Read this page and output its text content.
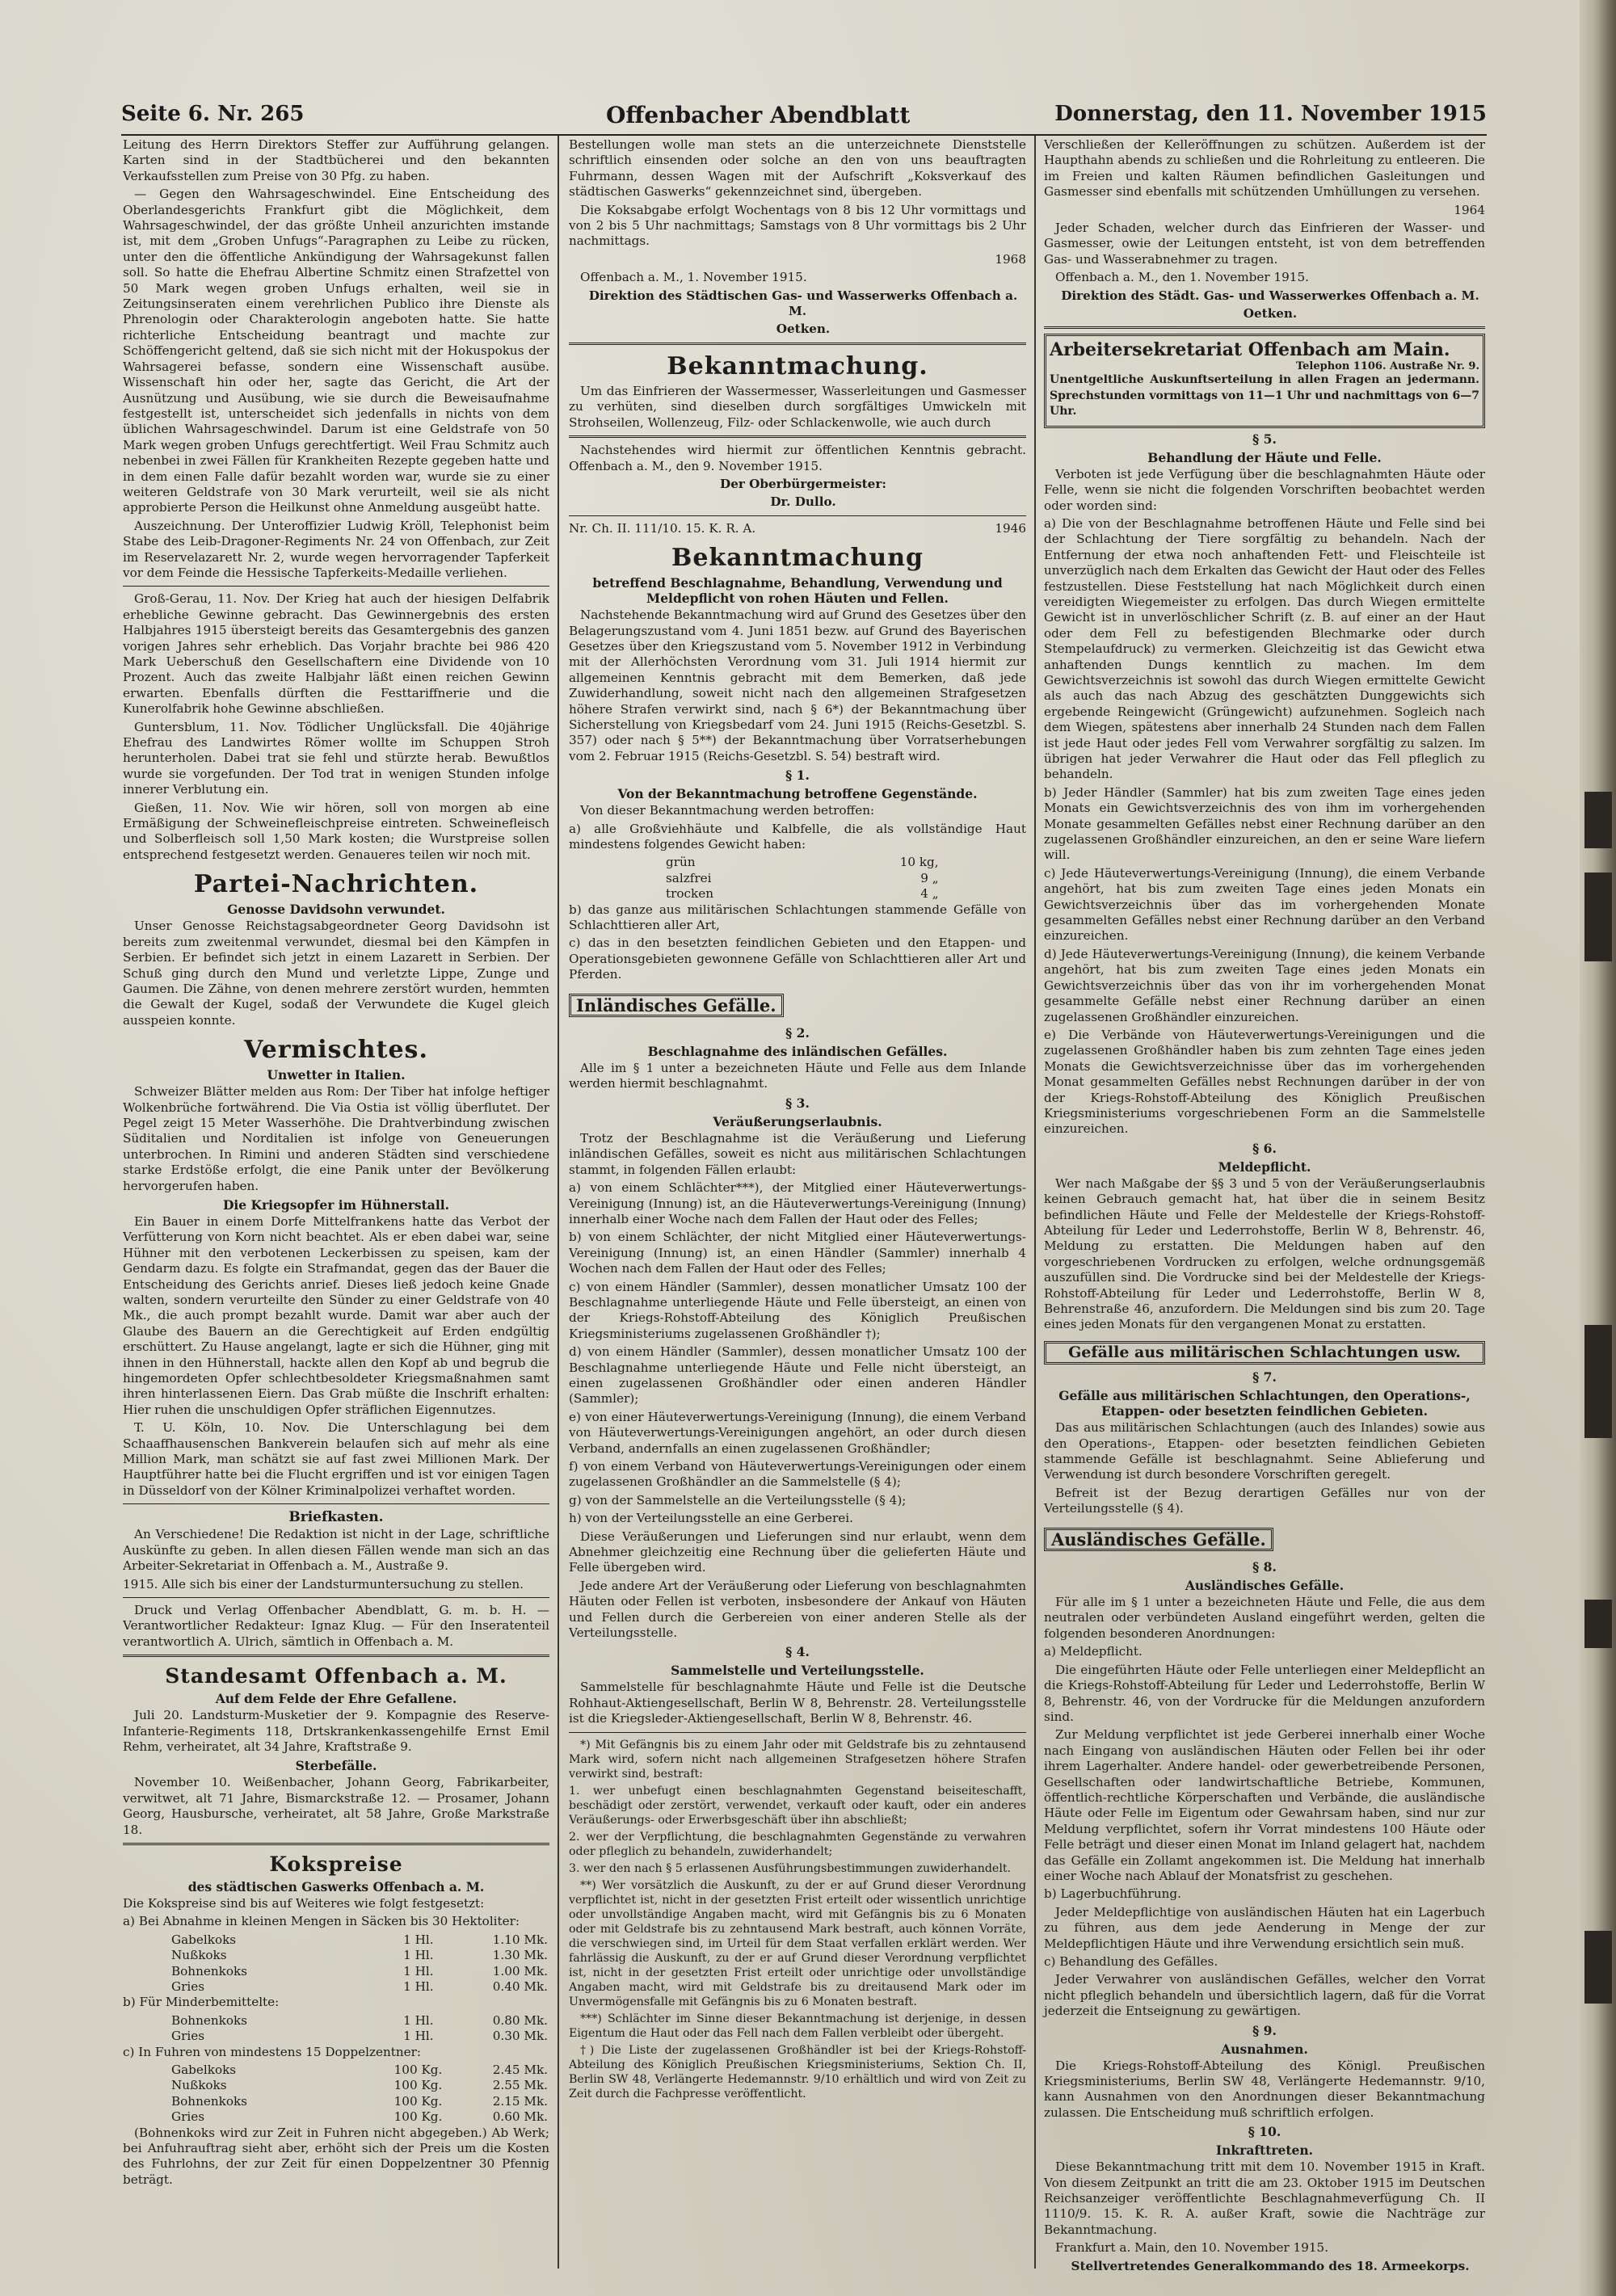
Seite 6. Nr. 265	Offenbacher Abendblatt	Donnerstag, den 11. November 1915

Leitung des Herrn Direktors Steffer zur Aufführung gelangen. Karten sind in der Stadtbücherei und den bekannten Verkaufsstellen zum Preise von 30 Pfg. zu haben.

— Gegen den Wahrsageschwindel. Eine Entscheidung des Oberlandesgerichts Frankfurt gibt die Möglichkeit, dem Wahrsageschwindel, der das größte Unheil anzurichten imstande ist, mit dem „Groben Unfugs“-Paragraphen zu Leibe zu rücken, unter den die öffentliche Ankündigung der Wahrsagekunst fallen soll. So hatte die Ehefrau Albertine Schmitz einen Strafzettel von 50 Mark wegen groben Unfugs erhalten, weil sie in Zeitungsinseraten einem verehrlichen Publico ihre Dienste als Phrenologin oder Charakterologin angeboten hatte. Sie hatte richterliche Entscheidung beantragt und machte zur Schöffengericht geltend, daß sie sich nicht mit der Hokuspokus der Wahrsagerei befasse, sondern eine Wissenschaft ausübe. Wissenschaft hin oder her, sagte das Gericht, die Art der Ausnützung und Ausübung, wie sie durch die Beweisaufnahme festgestellt ist, unterscheidet sich jedenfalls in nichts von dem üblichen Wahrsageschwindel. Darum ist eine Geldstrafe von 50 Mark wegen groben Unfugs gerechtfertigt. Weil Frau Schmitz auch nebenbei in zwei Fällen für Krankheiten Rezepte gegeben hatte und in dem einen Falle dafür bezahlt worden war, wurde sie zu einer weiteren Geldstrafe von 30 Mark verurteilt, weil sie als nicht approbierte Person die Heilkunst ohne Anmeldung ausgeübt hatte.

Auszeichnung. Der Unteroffizier Ludwig Kröll, Telephonist beim Stabe des Leib-Dragoner-Regiments Nr. 24 von Offenbach, zur Zeit im Reservelazarett Nr. 2, wurde wegen hervorragender Tapferkeit vor dem Feinde die Hessische Tapferkeits-Medaille verliehen.

Groß-Gerau, 11. Nov. Der Krieg hat auch der hiesigen Delfabrik erhebliche Gewinne gebracht. Das Gewinnergebnis des ersten Halbjahres 1915 übersteigt bereits das Gesamtergebnis des ganzen vorigen Jahres sehr erheblich. Das Vorjahr brachte bei 986 420 Mark Ueberschuß den Gesellschaftern eine Dividende von 10 Prozent. Auch das zweite Halbjahr läßt einen reichen Gewinn erwarten. Ebenfalls dürften die Festtariffnerie und die Kunerolfabrik hohe Gewinne abschließen.

Guntersblum, 11. Nov. Tödlicher Unglücksfall. Die 40jährige Ehefrau des Landwirtes Römer wollte im Schuppen Stroh herunterholen. Dabei trat sie fehl und stürzte herab. Bewußtlos wurde sie vorgefunden. Der Tod trat in wenigen Stunden infolge innerer Verblutung ein.

Gießen, 11. Nov. Wie wir hören, soll von morgen ab eine Ermäßigung der Schweinefleischpreise eintreten. Schweinefleisch und Solberfleisch soll 1,50 Mark kosten; die Wurstpreise sollen entsprechend festgesetzt werden. Genaueres teilen wir noch mit.

Partei-Nachrichten.
Genosse Davidsohn verwundet.

Unser Genosse Reichstagsabgeordneter Georg Davidsohn ist bereits zum zweitenmal verwundet, diesmal bei den Kämpfen in Serbien. Er befindet sich jetzt in einem Lazarett in Serbien. Der Schuß ging durch den Mund und verletzte Lippe, Zunge und Gaumen. Die Zähne, von denen mehrere zerstört wurden, hemmten die Gewalt der Kugel, sodaß der Verwundete die Kugel gleich ausspeien konnte.

Vermischtes.
Unwetter in Italien.

Schweizer Blätter melden aus Rom: Der Tiber hat infolge heftiger Wolkenbrüche fortwährend. Die Via Ostia ist völlig überflutet. Der Pegel zeigt 15 Meter Wasserhöhe. Die Drahtverbindung zwischen Süditalien und Norditalien ist infolge von Geneuerungen unterbrochen. In Rimini und anderen Städten sind verschiedene starke Erdstöße erfolgt, die eine Panik unter der Bevölkerung hervorgerufen haben.

Die Kriegsopfer im Hühnerstall.

Ein Bauer in einem Dorfe Mittelfrankens hatte das Verbot der Verfütterung von Korn nicht beachtet. Als er eben dabei war, seine Hühner mit den verbotenen Leckerbissen zu speisen, kam der Gendarm dazu. Es folgte ein Strafmandat, gegen das der Bauer die Entscheidung des Gerichts anrief. Dieses ließ jedoch keine Gnade walten, sondern verurteilte den Sünder zu einer Geldstrafe von 40 Mk., die auch prompt bezahlt wurde. Damit war aber auch der Glaube des Bauern an die Gerechtigkeit auf Erden endgültig erschüttert. Zu Hause angelangt, lagte er sich die Hühner, ging mit ihnen in den Hühnerstall, hackte allen den Kopf ab und begrub die hingemordeten Opfer schlechtbesoldeter Kriegsmaßnahmen samt ihren hinterlassenen Eiern. Das Grab müßte die Inschrift erhalten: Hier ruhen die unschuldigen Opfer sträflichen Eigennutzes.

T. U. Köln, 10. Nov. Die Unterschlagung bei dem Schaaffhausenschen Bankverein belaufen sich auf mehr als eine Million Mark, man schätzt sie auf fast zwei Millionen Mark. Der Hauptführer hatte bei die Flucht ergriffen und ist vor einigen Tagen in Düsseldorf von der Kölner Kriminalpolizei verhaftet worden.

Briefkasten.

An Verschiedene! Die Redaktion ist nicht in der Lage, schriftliche Auskünfte zu geben. In allen diesen Fällen wende man sich an das Arbeiter-Sekretariat in Offenbach a. M., Austraße 9.

1915. Alle sich bis einer der Landsturmuntersuchung zu stellen.

Druck und Verlag Offenbacher Abendblatt, G. m. b. H. — Verantwortlicher Redakteur: Ignaz Klug. — Für den Inseratenteil verantwortlich A. Ulrich, sämtlich in Offenbach a. M.

Standesamt Offenbach a. M.
Auf dem Felde der Ehre Gefallene.

Juli 20. Landsturm-Musketier der 9. Kompagnie des Reserve-Infanterie-Regiments 118, Drtskrankenkassengehilfe Ernst Emil Rehm, verheiratet, alt 34 Jahre, Kraftstraße 9.

Sterbefälle.

November 10. Weißenbacher, Johann Georg, Fabrikarbeiter, verwitwet, alt 71 Jahre, Bismarckstraße 12. — Prosamer, Johann Georg, Hausbursche, verheiratet, alt 58 Jahre, Große Markstraße 18.

Kokspreise
des städtischen Gaswerks Offenbach a. M.

Die Kokspreise sind bis auf Weiteres wie folgt festgesetzt:

a) Bei Abnahme in kleinen Mengen in Säcken bis 30 Hektoliter:

Gabelkoks	1 Hl.	1.10 Mk.
Nußkoks	1 Hl.	1.30 Mk.
Bohnenkoks	1 Hl.	1.00 Mk.
Gries	1 Hl.	0.40 Mk.

b) Für Minderbemittelte:

Bohnenkoks	1 Hl.	0.80 Mk.
Gries	1 Hl.	0.30 Mk.

c) In Fuhren von mindestens 15 Doppelzentner:

Gabelkoks	100 Kg.	2.45 Mk.
Nußkoks	100 Kg.	2.55 Mk.
Bohnenkoks	100 Kg.	2.15 Mk.
Gries	100 Kg.	0.60 Mk.

(Bohnenkoks wird zur Zeit in Fuhren nicht abgegeben.) Ab Werk; bei Anfuhrauftrag sieht aber, erhöht sich der Preis um die Kosten des Fuhrlohns, der zur Zeit für einen Doppelzentner 30 Pfennig beträgt.

Bestellungen wolle man stets an die unterzeichnete Dienststelle schriftlich einsenden oder solche an den von uns beauftragten Fuhrmann, dessen Wagen mit der Aufschrift „Koksverkauf des städtischen Gaswerks“ gekennzeichnet sind, übergeben.

Die Koksabgabe erfolgt Wochentags von 8 bis 12 Uhr vormittags und von 2 bis 5 Uhr nachmittags; Samstags von 8 Uhr vormittags bis 2 Uhr nachmittags.

1968

Offenbach a. M., 1. November 1915.

Direktion des Städtischen Gas- und Wasserwerks Offenbach a. M.

Oetken.

Bekanntmachung.

Um das Einfrieren der Wassermesser, Wasserleitungen und Gasmesser zu verhüten, sind dieselben durch sorgfältiges Umwickeln mit Strohseilen, Wollenzeug, Filz- oder Schlackenwolle, wie auch durch

Nachstehendes wird hiermit zur öffentlichen Kenntnis gebracht. Offenbach a. M., den 9. November 1915.

Der Oberbürgermeister:

Dr. Dullo.

Nr. Ch. II. 111/10. 15. K. R. A.	1946

Bekanntmachung
betreffend Beschlagnahme, Behandlung, Verwendung und Meldepflicht von rohen Häuten und Fellen.

Nachstehende Bekanntmachung wird auf Grund des Gesetzes über den Belagerungszustand vom 4. Juni 1851 bezw. auf Grund des Bayerischen Gesetzes über den Kriegszustand vom 5. November 1912 in Verbindung mit der Allerhöchsten Verordnung vom 31. Juli 1914 hiermit zur allgemeinen Kenntnis gebracht mit dem Bemerken, daß jede Zuwiderhandlung, soweit nicht nach den allgemeinen Strafgesetzen höhere Strafen verwirkt sind, nach § 6*) der Bekanntmachung über Sicherstellung von Kriegsbedarf vom 24. Juni 1915 (Reichs-Gesetzbl. S. 357) oder nach § 5**) der Bekanntmachung über Vorratserhebungen vom 2. Februar 1915 (Reichs-Gesetzbl. S. 54) bestraft wird.

§ 1.
Von der Bekanntmachung betroffene Gegenstände.

Von dieser Bekanntmachung werden betroffen:

a) alle Großviehhäute und Kalbfelle, die als vollständige Haut mindestens folgendes Gewicht haben:

grün	10 kg,
salzfrei	9 „
trocken	4 „

b) das ganze aus militärischen Schlachtungen stammende Gefälle von Schlachttieren aller Art,

c) das in den besetzten feindlichen Gebieten und den Etappen- und Operationsgebieten gewonnene Gefälle von Schlachttieren aller Art und Pferden.

Inländisches Gefälle.
§ 2.
Beschlagnahme des inländischen Gefälles.

Alle im § 1 unter a bezeichneten Häute und Felle aus dem Inlande werden hiermit beschlagnahmt.

§ 3.
Veräußerungserlaubnis.

Trotz der Beschlagnahme ist die Veräußerung und Lieferung inländischen Gefälles, soweit es nicht aus militärischen Schlachtungen stammt, in folgenden Fällen erlaubt:

a) von einem Schlächter***), der Mitglied einer Häuteverwertungs-Vereinigung (Innung) ist, an die Häuteverwertungs-Vereinigung (Innung) innerhalb einer Woche nach dem Fallen der Haut oder des Felles;

b) von einem Schlächter, der nicht Mitglied einer Häuteverwertungs-Vereinigung (Innung) ist, an einen Händler (Sammler) innerhalb 4 Wochen nach dem Fallen der Haut oder des Felles;

c) von einem Händler (Sammler), dessen monatlicher Umsatz 100 der Beschlagnahme unterliegende Häute und Felle übersteigt, an einen von der Kriegs-Rohstoff-Abteilung des Königlich Preußischen Kriegsministeriums zugelassenen Großhändler †);

d) von einem Händler (Sammler), dessen monatlicher Umsatz 100 der Beschlagnahme unterliegende Häute und Felle nicht übersteigt, an einen zugelassenen Großhändler oder einen anderen Händler (Sammler);

e) von einer Häuteverwertungs-Vereinigung (Innung), die einem Verband von Häuteverwertungs-Vereinigungen angehört, an oder durch diesen Verband, andernfalls an einen zugelassenen Großhändler;

f) von einem Verband von Häuteverwertungs-Vereinigungen oder einem zugelassenen Großhändler an die Sammelstelle (§ 4);

g) von der Sammelstelle an die Verteilungsstelle (§ 4);

h) von der Verteilungsstelle an eine Gerberei.

Diese Veräußerungen und Lieferungen sind nur erlaubt, wenn dem Abnehmer gleichzeitig eine Rechnung über die gelieferten Häute und Felle übergeben wird.

Jede andere Art der Veräußerung oder Lieferung von beschlagnahmten Häuten oder Fellen ist verboten, insbesondere der Ankauf von Häuten und Fellen durch die Gerbereien von einer anderen Stelle als der Verteilungsstelle.

§ 4.
Sammelstelle und Verteilungsstelle.

Sammelstelle für beschlagnahmte Häute und Felle ist die Deutsche Rohhaut-Aktiengesellschaft, Berlin W 8, Behrenstr. 28. Verteilungsstelle ist die Kriegsleder-Aktiengesellschaft, Berlin W 8, Behrenstr. 46.

*) Mit Gefängnis bis zu einem Jahr oder mit Geldstrafe bis zu zehntausend Mark wird, sofern nicht nach allgemeinen Strafgesetzen höhere Strafen verwirkt sind, bestraft:

1. wer unbefugt einen beschlagnahmten Gegenstand beiseiteschafft, beschädigt oder zerstört, verwendet, verkauft oder kauft, oder ein anderes Veräußerungs- oder Erwerbsgeschäft über ihn abschließt;

2. wer der Verpflichtung, die beschlagnahmten Gegenstände zu verwahren oder pfleglich zu behandeln, zuwiderhandelt;

3. wer den nach § 5 erlassenen Ausführungsbestimmungen zuwiderhandelt.

**) Wer vorsätzlich die Auskunft, zu der er auf Grund dieser Verordnung verpflichtet ist, nicht in der gesetzten Frist erteilt oder wissentlich unrichtige oder unvollständige Angaben macht, wird mit Gefängnis bis zu 6 Monaten oder mit Geldstrafe bis zu zehntausend Mark bestraft, auch können Vorräte, die verschwiegen sind, im Urteil für dem Staat verfallen erklärt werden. Wer fahrlässig die Auskunft, zu der er auf Grund dieser Verordnung verpflichtet ist, nicht in der gesetzten Frist erteilt oder unrichtige oder unvollständige Angaben macht, wird mit Geldstrafe bis zu dreitausend Mark oder im Unvermögensfalle mit Gefängnis bis zu 6 Monaten bestraft.

***) Schlächter im Sinne dieser Bekanntmachung ist derjenige, in dessen Eigentum die Haut oder das Fell nach dem Fallen verbleibt oder übergeht.

†) Die Liste der zugelassenen Großhändler ist bei der Kriegs-Rohstoff-Abteilung des Königlich Preußischen Kriegsministeriums, Sektion Ch. II, Berlin SW 48, Verlängerte Hedemannstr. 9/10 erhältlich und wird von Zeit zu Zeit durch die Fachpresse veröffentlicht.

Verschließen der Kelleröffnungen zu schützen. Außerdem ist der Haupthahn abends zu schließen und die Rohrleitung zu entleeren. Die im Freien und kalten Räumen befindlichen Gasleitungen und Gasmesser sind ebenfalls mit schützenden Umhüllungen zu versehen.

1964

Jeder Schaden, welcher durch das Einfrieren der Wasser- und Gasmesser, owie der Leitungen entsteht, ist von dem betreffenden Gas- und Wasserabnehmer zu tragen.

Offenbach a. M., den 1. November 1915.

Direktion des Städt. Gas- und Wasserwerkes Offenbach a. M.

Oetken.

Arbeitersekretariat Offenbach am Main.
Telephon 1106. Austraße Nr. 9.

Unentgeltliche Auskunftserteilung in allen Fragen an jedermann. Sprechstunden vormittags von 11—1 Uhr und nachmittags von 6—7 Uhr.

§ 5.
Behandlung der Häute und Felle.

Verboten ist jede Verfügung über die beschlagnahmten Häute oder Felle, wenn sie nicht die folgenden Vorschriften beobachtet werden oder worden sind:

a) Die von der Beschlagnahme betroffenen Häute und Felle sind bei der Schlachtung der Tiere sorgfältig zu behandeln. Nach der Entfernung der etwa noch anhaftenden Fett- und Fleischteile ist unverzüglich nach dem Erkalten das Gewicht der Haut oder des Felles festzustellen. Diese Feststellung hat nach Möglichkeit durch einen vereidigten Wiegemeister zu erfolgen. Das durch Wiegen ermittelte Gewicht ist in unverlöschlicher Schrift (z. B. auf einer an der Haut oder dem Fell zu befestigenden Blechmarke oder durch Stempelaufdruck) zu vermerken. Gleichzeitig ist das Gewicht etwa anhaftenden Dungs kenntlich zu machen. Im dem Gewichtsverzeichnis ist sowohl das durch Wiegen ermittelte Gewicht als auch das nach Abzug des geschätzten Dunggewichts sich ergebende Reingewicht (Grüngewicht) aufzunehmen. Sogleich nach dem Wiegen, spätestens aber innerhalb 24 Stunden nach dem Fallen ist jede Haut oder jedes Fell vom Verwahrer sorgfältig zu salzen. Im übrigen hat jeder Verwahrer die Haut oder das Fell pfleglich zu behandeln.

b) Jeder Händler (Sammler) hat bis zum zweiten Tage eines jeden Monats ein Gewichtsverzeichnis des von ihm im vorhergehenden Monate gesammelten Gefälles nebst einer Rechnung darüber an den zugelassenen Großhändler einzureichen, an den er seine Ware liefern will.

c) Jede Häuteverwertungs-Vereinigung (Innung), die einem Verbande angehört, hat bis zum zweiten Tage eines jeden Monats ein Gewichtsverzeichnis über das im vorhergehenden Monate gesammelten Gefälles nebst einer Rechnung darüber an den Verband einzureichen.

d) Jede Häuteverwertungs-Vereinigung (Innung), die keinem Verbande angehört, hat bis zum zweiten Tage eines jeden Monats ein Gewichtsverzeichnis über das von ihr im vorhergehenden Monat gesammelte Gefälle nebst einer Rechnung darüber an einen zugelassenen Großhändler einzureichen.

e) Die Verbände von Häuteverwertungs-Vereinigungen und die zugelassenen Großhändler haben bis zum zehnten Tage eines jeden Monats die Gewichtsverzeichnisse über das im vorhergehenden Monat gesammelten Gefälles nebst Rechnungen darüber in der von der Kriegs-Rohstoff-Abteilung des Königlich Preußischen Kriegsministeriums vorgeschriebenen Form an die Sammelstelle einzureichen.

§ 6.
Meldepflicht.

Wer nach Maßgabe der §§ 3 und 5 von der Veräußerungserlaubnis keinen Gebrauch gemacht hat, hat über die in seinem Besitz befindlichen Häute und Felle der Meldestelle der Kriegs-Rohstoff-Abteilung für Leder und Lederrohstoffe, Berlin W 8, Behrenstr. 46, Meldung zu erstatten. Die Meldungen haben auf den vorgeschriebenen Vordrucken zu erfolgen, welche ordnungsgemäß auszufüllen sind. Die Vordrucke sind bei der Meldestelle der Kriegs-Rohstoff-Abteilung für Leder und Lederrohstoffe, Berlin W 8, Behrenstraße 46, anzufordern. Die Meldungen sind bis zum 20. Tage eines jeden Monats für den vergangenen Monat zu erstatten.

Gefälle aus militärischen Schlachtungen usw.
§ 7.
Gefälle aus militärischen Schlachtungen, den Operations-, Etappen- oder besetzten feindlichen Gebieten.

Das aus militärischen Schlachtungen (auch des Inlandes) sowie aus den Operations-, Etappen- oder besetzten feindlichen Gebieten stammende Gefälle ist beschlagnahmt. Seine Ablieferung und Verwendung ist durch besondere Vorschriften geregelt.

Befreit ist der Bezug derartigen Gefälles nur von der Verteilungsstelle (§ 4).

Ausländisches Gefälle.
§ 8.
Ausländisches Gefälle.

Für alle im § 1 unter a bezeichneten Häute und Felle, die aus dem neutralen oder verbündeten Ausland eingeführt werden, gelten die folgenden besonderen Anordnungen:

a) Meldepflicht.

Die eingeführten Häute oder Felle unterliegen einer Meldepflicht an die Kriegs-Rohstoff-Abteilung für Leder und Lederrohstoffe, Berlin W 8, Behrenstr. 46, von der Vordrucke für die Meldungen anzufordern sind.

Zur Meldung verpflichtet ist jede Gerberei innerhalb einer Woche nach Eingang von ausländischen Häuten oder Fellen bei ihr oder ihrem Lagerhalter. Andere handel- oder gewerbetreibende Personen, Gesellschaften oder landwirtschaftliche Betriebe, Kommunen, öffentlich-rechtliche Körperschaften und Verbände, die ausländische Häute oder Felle im Eigentum oder Gewahrsam haben, sind nur zur Meldung verpflichtet, sofern ihr Vorrat mindestens 100 Häute oder Felle beträgt und dieser einen Monat im Inland gelagert hat, nachdem das Gefälle ein Zollamt angekommen ist. Die Meldung hat innerhalb einer Woche nach Ablauf der Monatsfrist zu geschehen.

b) Lagerbuchführung.

Jeder Meldepflichtige von ausländischen Häuten hat ein Lagerbuch zu führen, aus dem jede Aenderung in Menge der zur Meldepflichtigen Häute und ihre Verwendung ersichtlich sein muß.

c) Behandlung des Gefälles.

Jeder Verwahrer von ausländischen Gefälles, welcher den Vorrat nicht pfleglich behandeln und übersichtlich lagern, daß für die Vorrat jederzeit die Entseignung zu gewärtigen.

§ 9.
Ausnahmen.

Die Kriegs-Rohstoff-Abteilung des Königl. Preußischen Kriegsministeriums, Berlin SW 48, Verlängerte Hedemannstr. 9/10, kann Ausnahmen von den Anordnungen dieser Bekanntmachung zulassen. Die Entscheidung muß schriftlich erfolgen.

§ 10.
Inkrafttreten.

Diese Bekanntmachung tritt mit dem 10. November 1915 in Kraft. Von diesem Zeitpunkt an tritt die am 23. Oktober 1915 im Deutschen Reichsanzeiger veröffentlichte Beschlagnahmeverfügung Ch. II 1110/9. 15. K. R. A. außer Kraft, sowie die Nachträge zur Bekanntmachung.

Frankfurt a. Main, den 10. November 1915.

Stellvertretendes Generalkommando des 18. Armeekorps.
